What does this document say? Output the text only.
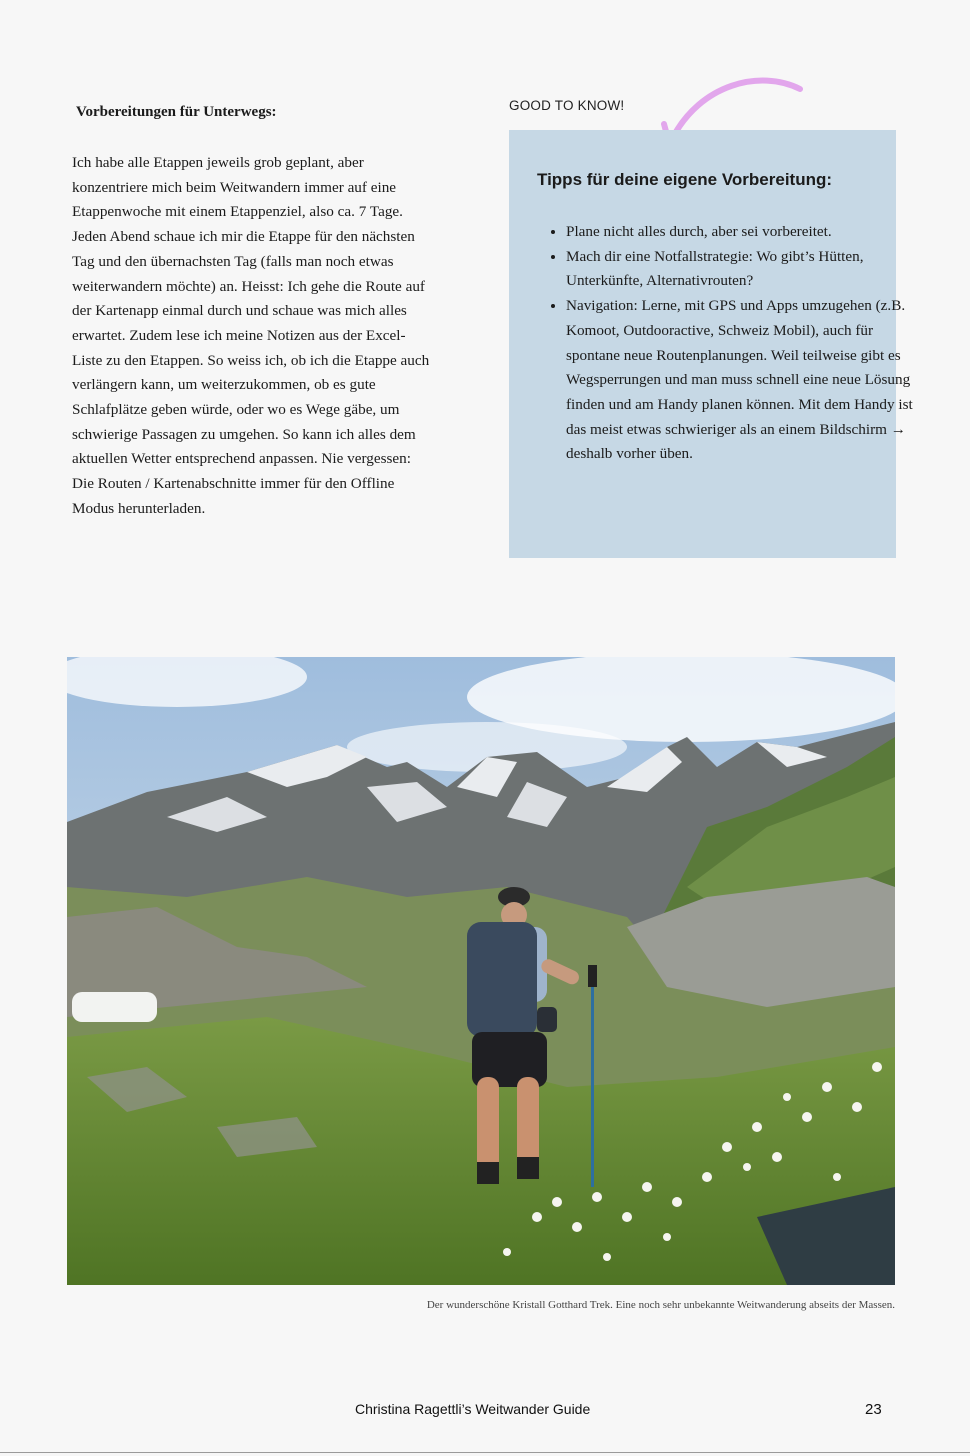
Vorbereitungen für Unterwegs:

Ich habe alle Etappen jeweils grob geplant, aber konzentriere mich beim Weitwandern immer auf eine Etappenwoche mit einem Etappenziel, also ca. 7 Tage. Jeden Abend schaue ich mir die Etappe für den nächsten Tag und den übernachsten Tag (falls man noch etwas weiterwandern möchte) an. Heisst: Ich gehe die Route auf der Kartenapp einmal durch und schaue was mich alles erwartet. Zudem lese ich meine Notizen aus der Excel-Liste zu den Etappen. So weiss ich, ob ich die Etappe auch verlängern kann, um weiterzukommen, ob es gute Schlafplätze geben würde, oder wo es Wege gäbe, um schwierige Passagen zu umgehen. So kann ich alles dem aktuellen Wetter entsprechend anpassen. Nie vergessen: Die Routen / Kartenabschnitte immer für den Offline Modus herunterladen.

GOOD TO KNOW!
Tipps für deine eigene Vorbereitung:
• Plane nicht alles durch, aber sei vorbereitet.
• Mach dir eine Notfallstrategie: Wo gibt’s Hütten, Unterkünfte, Alternativrouten?
• Navigation: Lerne, mit GPS und Apps umzugehen (z.B. Komoot, Outdooractive, Schweiz Mobil), auch für spontane neue Routenplanungen. Weil teilweise gibt es Wegsperrungen und man muss schnell eine neue Lösung finden und am Handy planen können. Mit dem Handy ist das meist etwas schwieriger als an einem Bildschirm → deshalb vorher üben.
Der wunderschöne Kristall Gotthard Trek. Eine noch sehr unbekannte Weitwanderung abseits der Massen.
Christina Ragettli’s Weitwander Guide	23
